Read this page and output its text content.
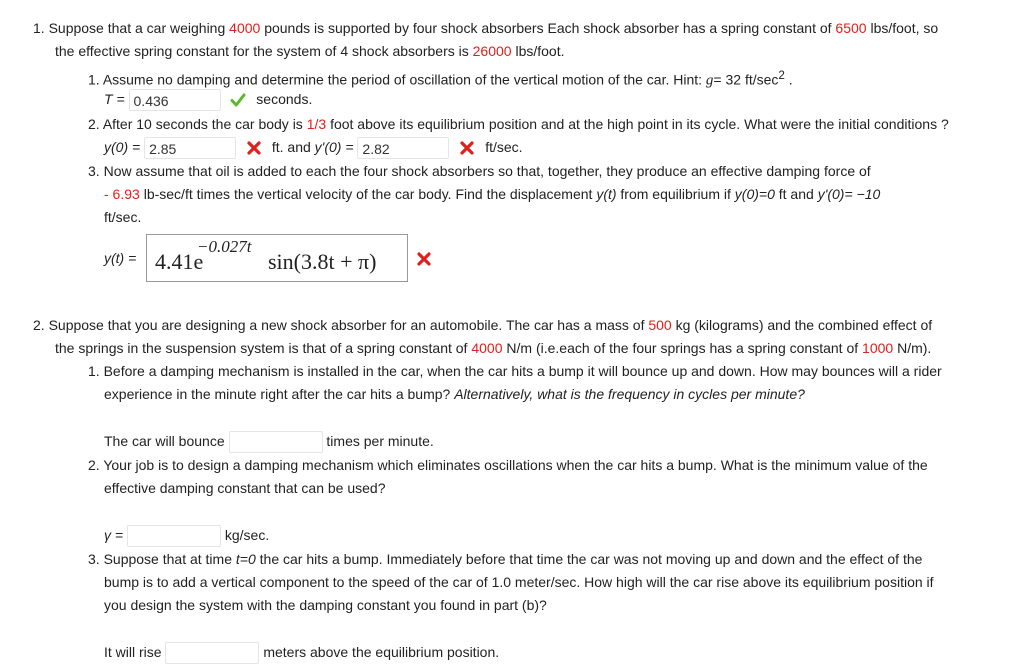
1. Suppose that a car weighing 4000 pounds is supported by four shock absorbers Each shock absorber has a spring constant of 6500 lbs/foot, so
the effective spring constant for the system of 4 shock absorbers is 26000 lbs/foot.
1. Assume no damping and determine the period of oscillation of the vertical motion of the car. Hint: g= 32 $ft/\sec^2$ .
T = 0.436	seconds.
2. After 10 seconds the car body is 1/3 foot above its equilibrium position and at the high point in its cycle. What were the initial conditions ?
y(0) = 2.85	ft. and y'(0) = 2.82	ft/sec.
3. Now assume that oil is added to each the four shock absorbers so that, together, they produce an effective damping force of
- 6.93 lb-sec/ft times the vertical velocity of the car body. Find the displacement y(t) from equilibrium if y(0)=0 ft and y'(0)= −10
ft/sec.
y(t) = 4.41e
−0.027t
sin(3.8t + π)
2. Suppose that you are designing a new shock absorber for an automobile. The car has a mass of 500 kg (kilograms) and the combined effect of
the springs in the suspension system is that of a spring constant of 4000 N/m (i.e.each of the four springs has a spring constant of 1000 N/m).
1. Before a damping mechanism is installed in the car, when the car hits a bump it will bounce up and down. How may bounces will a rider
experience in the minute right after the car hits a bump? Alternatively, what is the frequency in cycles per minute?
The car will bounce	times per minute.
2. Your job is to design a damping mechanism which eliminates oscillations when the car hits a bump. What is the minimum value of the
effective damping constant that can be used?
γ =	kg/sec.
3. Suppose that at time t=0 the car hits a bump. Immediately before that time the car was not moving up and down and the effect of the
bump is to add a vertical component to the speed of the car of 1.0 meter/sec. How high will the car rise above its equilibrium position if
you design the system with the damping constant you found in part (b)?
It will rise	meters above the equilibrium position.
